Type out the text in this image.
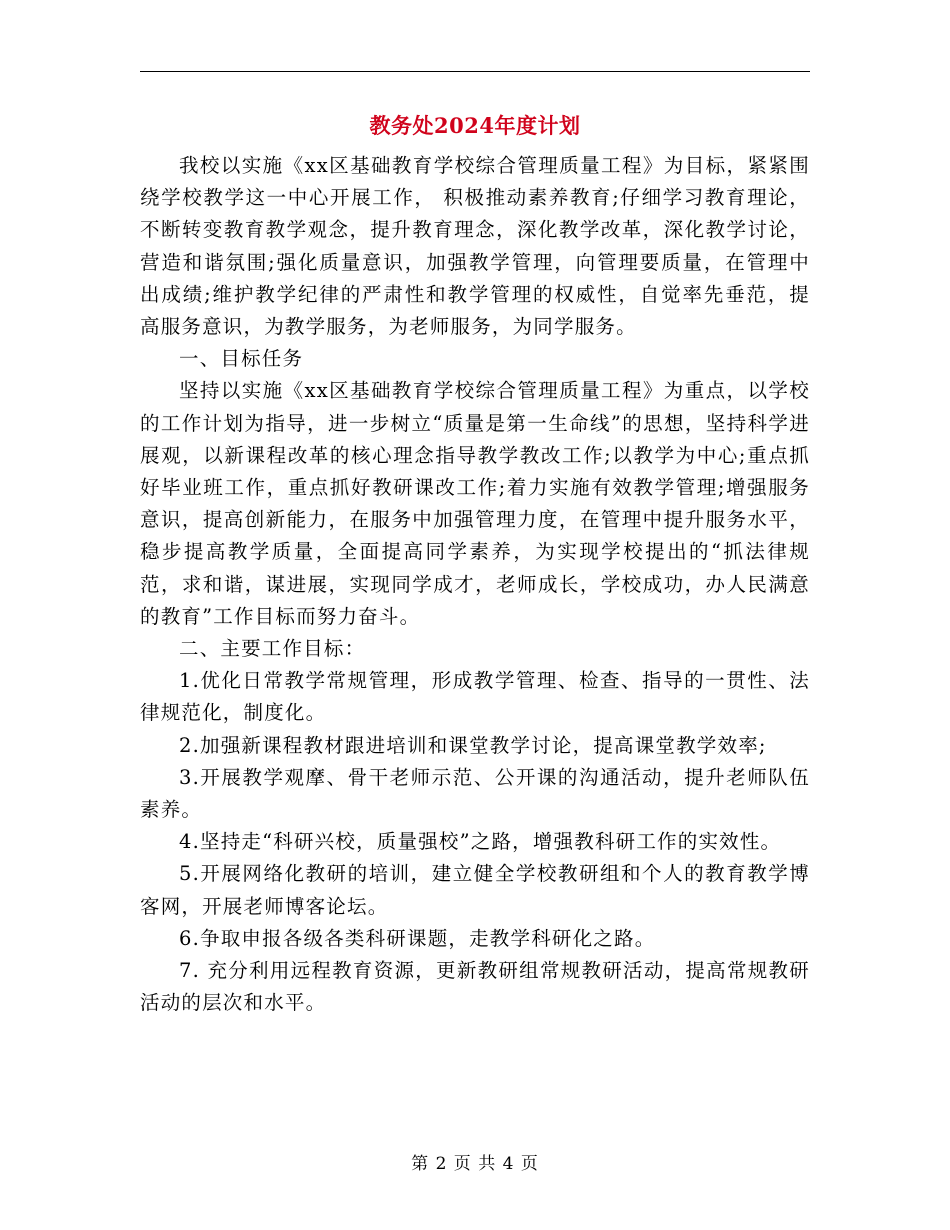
教务处2024年度计划

我校以实施《xx区基础教育学校综合管理质量工程》为目标，紧紧围绕学校教学这一中心开展工作， 积极推动素养教育;仔细学习教育理论，不断转变教育教学观念，提升教育理念，深化教学改革，深化教学讨论，营造和谐氛围;强化质量意识，加强教学管理，向管理要质量，在管理中出成绩;维护教学纪律的严肃性和教学管理的权威性，自觉率先垂范，提高服务意识，为教学服务，为老师服务，为同学服务。

一、目标任务

坚持以实施《xx区基础教育学校综合管理质量工程》为重点，以学校的工作计划为指导，进一步树立“质量是第一生命线”的思想，坚持科学进展观，以新课程改革的核心理念指导教学教改工作;以教学为中心;重点抓好毕业班工作，重点抓好教研课改工作;着力实施有效教学管理;增强服务意识，提高创新能力，在服务中加强管理力度，在管理中提升服务水平，稳步提高教学质量，全面提高同学素养，为实现学校提出的“抓法律规范，求和谐，谋进展，实现同学成才，老师成长，学校成功，办人民满意的教育”工作目标而努力奋斗。

二、主要工作目标：

1.优化日常教学常规管理，形成教学管理、检查、指导的一贯性、法律规范化，制度化。

2.加强新课程教材跟进培训和课堂教学讨论，提高课堂教学效率;

3.开展教学观摩、骨干老师示范、公开课的沟通活动，提升老师队伍素养。

4.坚持走“科研兴校，质量强校”之路，增强教科研工作的实效性。

5.开展网络化教研的培训，建立健全学校教研组和个人的教育教学博客网，开展老师博客论坛。

6.争取申报各级各类科研课题，走教学科研化之路。

7. 充分利用远程教育资源，更新教研组常规教研活动，提高常规教研活动的层次和水平。

第 2 页 共 4 页
